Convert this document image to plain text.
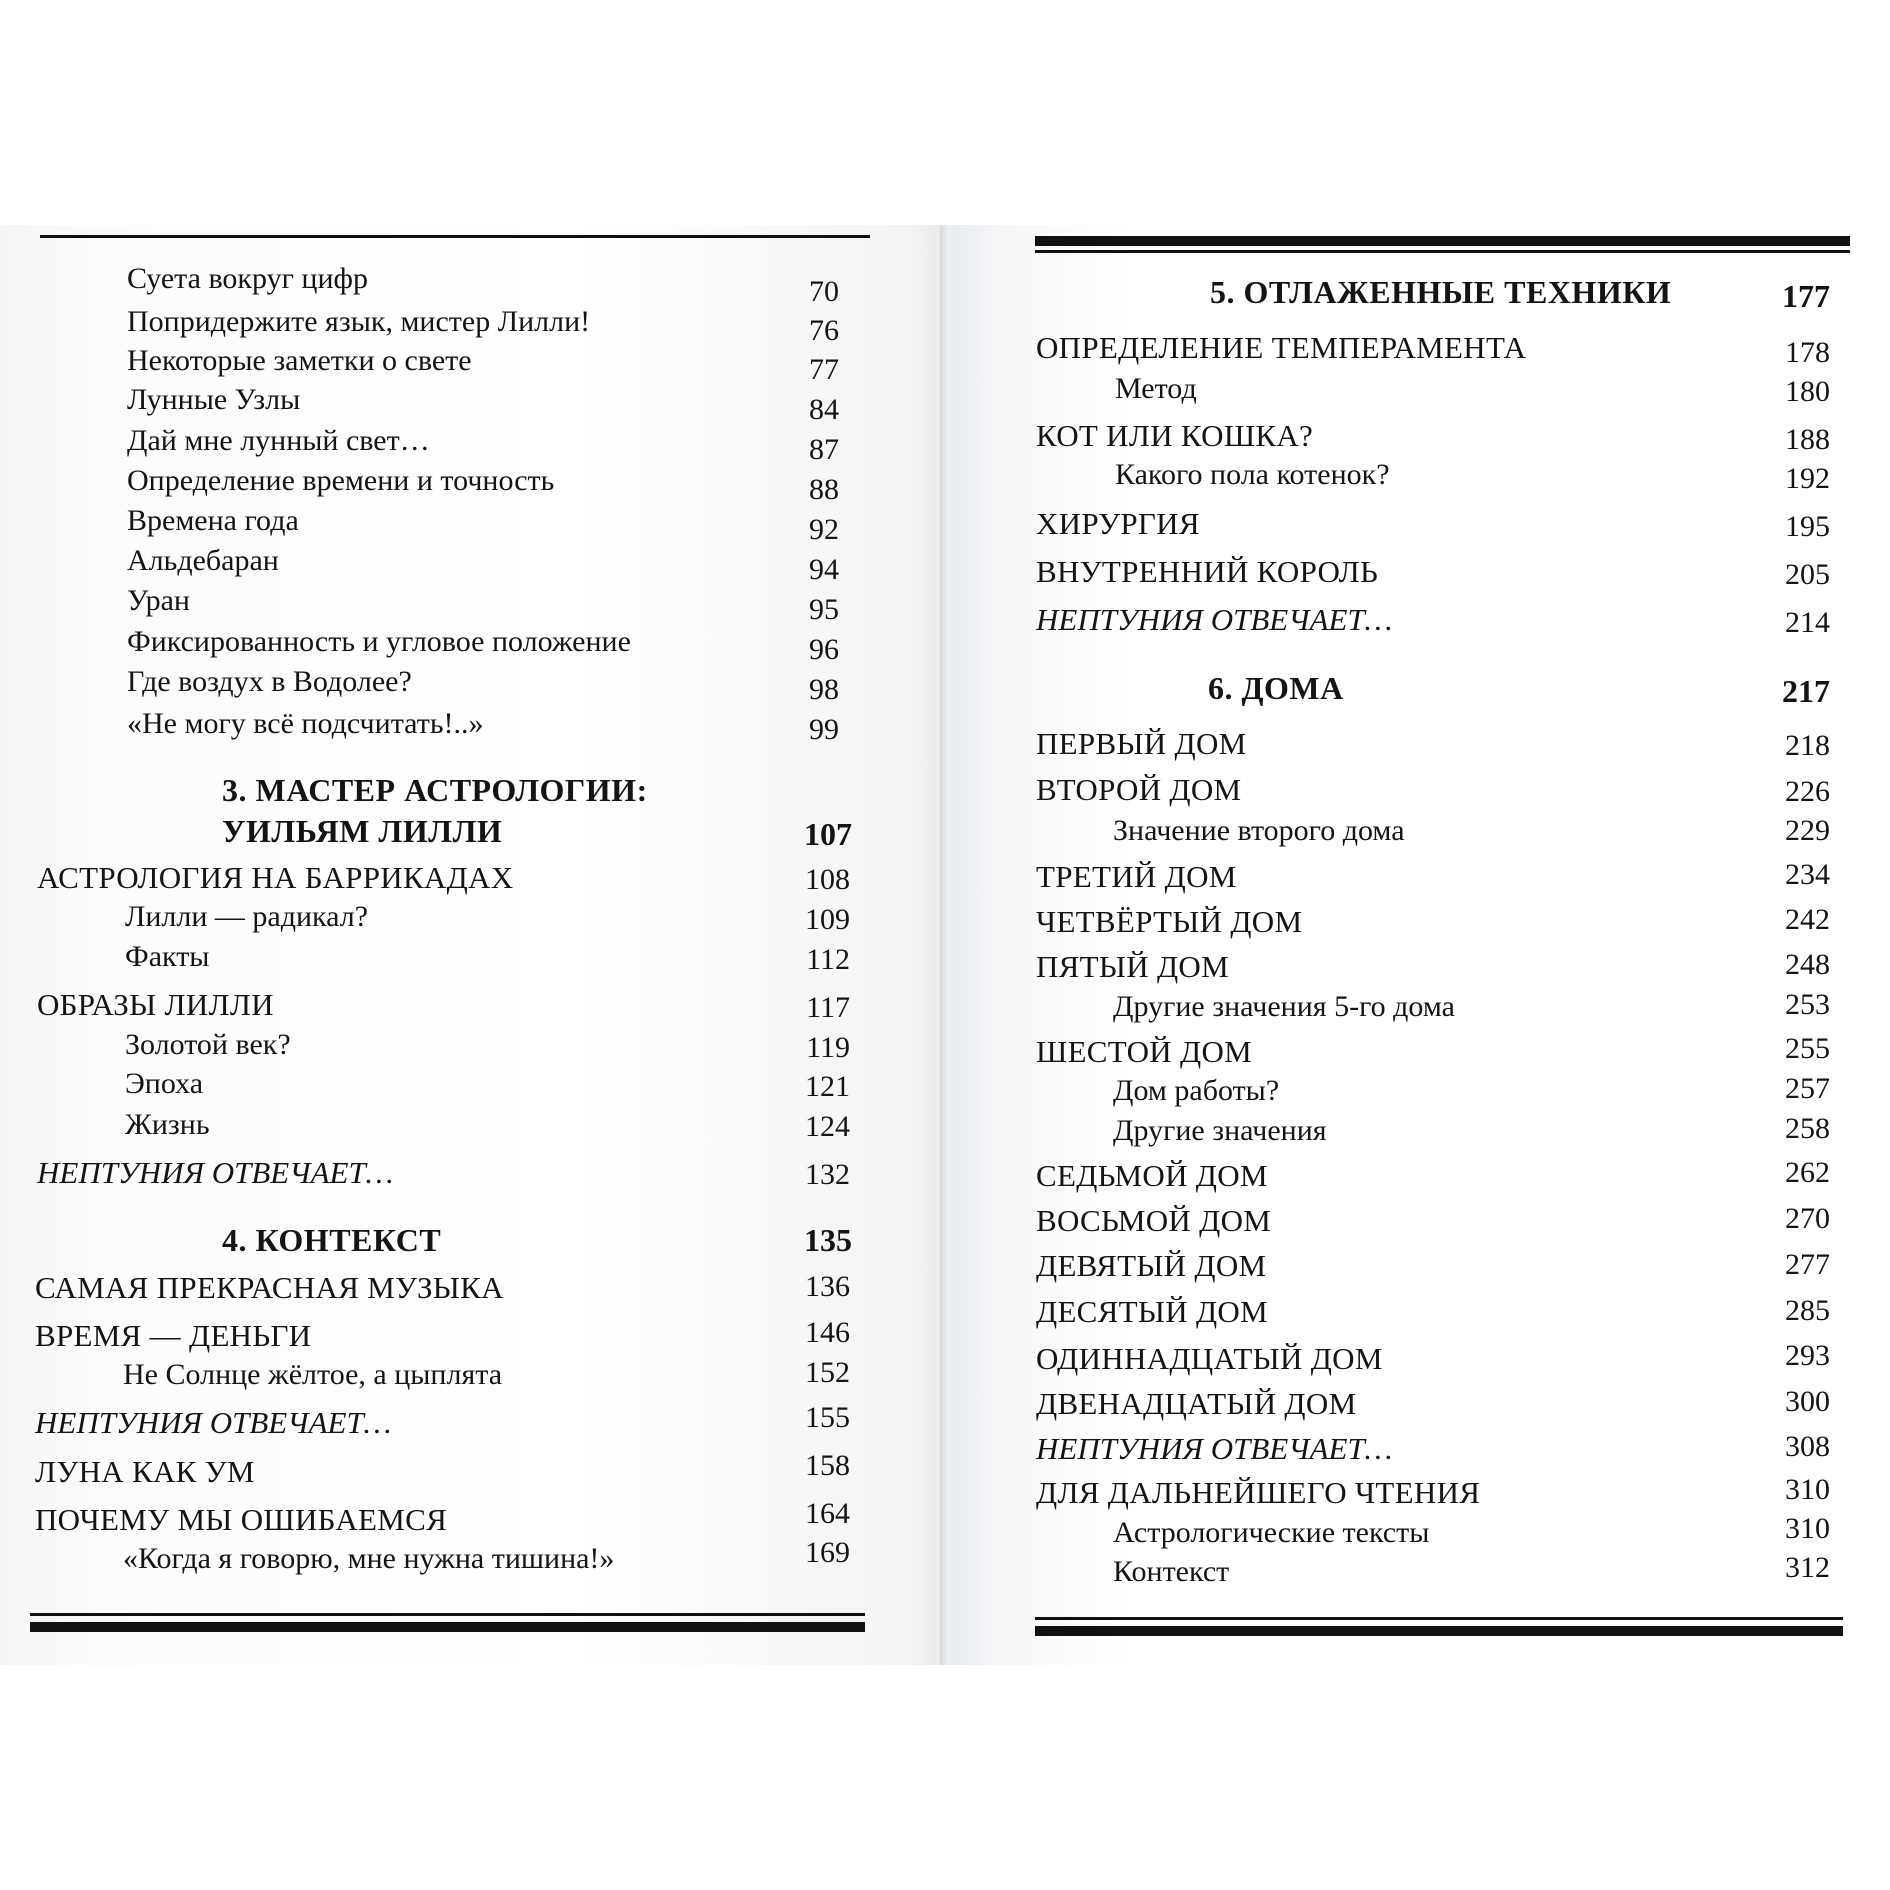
Суета вокруг цифр	70
Попридержите язык, мистер Лилли!	76
Некоторые заметки о свете	77
Лунные Узлы	84
Дай мне лунный свет…	87
Определение времени и точность	88
Времена года	92
Альдебаран	94
Уран	95
Фиксированность и угловое положение	96
Где воздух в Водолее?	98
«Не могу всё подсчитать!..»	99
3. МАСТЕР АСТРОЛОГИИ:
УИЛЬЯМ ЛИЛЛИ	107
АСТРОЛОГИЯ НА БАРРИКАДАХ	108
Лилли — радикал?	109
Факты	112
ОБРАЗЫ ЛИЛЛИ	117
Золотой век?	119
Эпоха	121
Жизнь	124
НЕПТУНИЯ ОТВЕЧАЕТ…	132
4. КОНТЕКСТ	135
САМАЯ ПРЕКРАСНАЯ МУЗЫКА	136
ВРЕМЯ — ДЕНЬГИ	146
Не Солнце жёлтое, а цыплята	152
НЕПТУНИЯ ОТВЕЧАЕТ…	155
ЛУНА КАК УМ	158
ПОЧЕМУ МЫ ОШИБАЕМСЯ	164
«Когда я говорю, мне нужна тишина!»	169
5. ОТЛАЖЕННЫЕ ТЕХНИКИ	177
ОПРЕДЕЛЕНИЕ ТЕМПЕРАМЕНТА	178
Метод	180
КОТ ИЛИ КОШКА?	188
Какого пола котенок?	192
ХИРУРГИЯ	195
ВНУТРЕННИЙ КОРОЛЬ	205
НЕПТУНИЯ ОТВЕЧАЕТ…	214
6. ДОМА	217
ПЕРВЫЙ ДОМ	218
ВТОРОЙ ДОМ	226
Значение второго дома	229
ТРЕТИЙ ДОМ	234
ЧЕТВЁРТЫЙ ДОМ	242
ПЯТЫЙ ДОМ	248
Другие значения 5-го дома	253
ШЕСТОЙ ДОМ	255
Дом работы?	257
Другие значения	258
СЕДЬМОЙ ДОМ	262
ВОСЬМОЙ ДОМ	270
ДЕВЯТЫЙ ДОМ	277
ДЕСЯТЫЙ ДОМ	285
ОДИННАДЦАТЫЙ ДОМ	293
ДВЕНАДЦАТЫЙ ДОМ	300
НЕПТУНИЯ ОТВЕЧАЕТ…	308
ДЛЯ ДАЛЬНЕЙШЕГО ЧТЕНИЯ	310
Астрологические тексты	310
Контекст	312
